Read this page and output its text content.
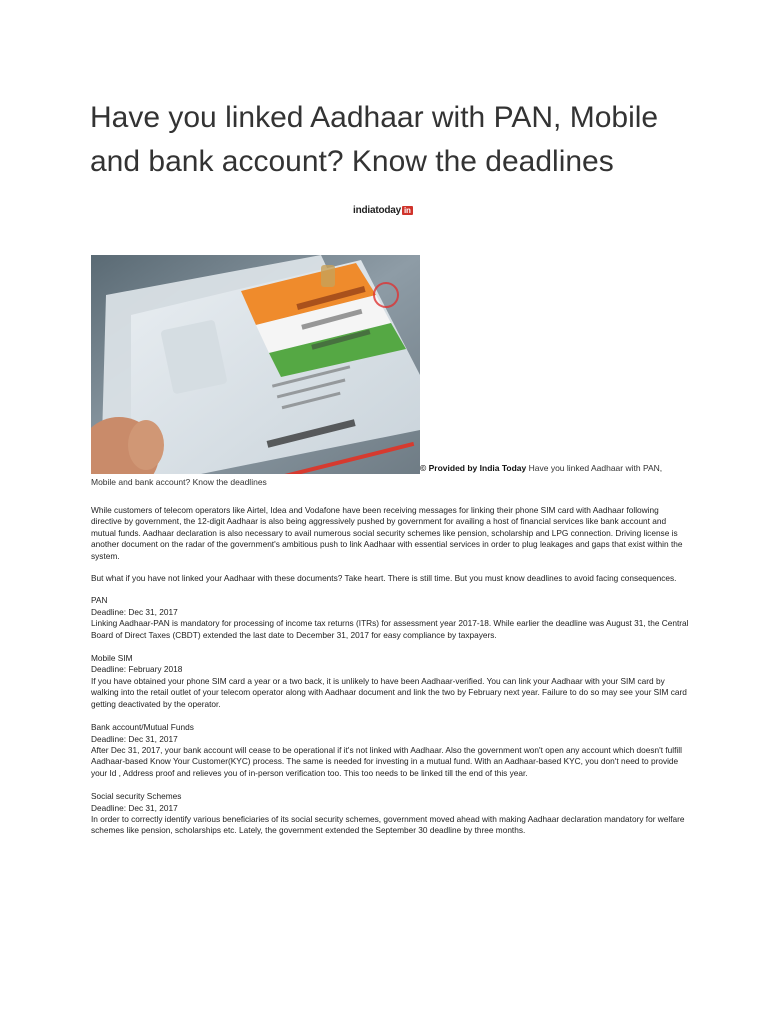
Have you linked Aadhaar with PAN, Mobile and bank account? Know the deadlines
indiatoday in
© Provided by India Today Have you linked Aadhaar with PAN,
Mobile and bank account? Know the deadlines

While customers of telecom operators like Airtel, Idea and Vodafone have been receiving messages for linking their phone SIM card with Aadhaar following directive by government, the 12-digit Aadhaar is also being aggressively pushed by government for availing a host of financial services like bank account and mutual funds. Aadhaar declaration is also necessary to avail numerous social security schemes like pension, scholarship and LPG connection. Driving license is another document on the radar of the government's ambitious push to link Aadhaar with essential services in order to plug leakages and gaps that exist within the system.

But what if you have not linked your Aadhaar with these documents? Take heart. There is still time. But you must know deadlines to avoid facing consequences.

PAN
Deadline: Dec 31, 2017
Linking Aadhaar-PAN is mandatory for processing of income tax returns (ITRs) for assessment year 2017-18. While earlier the deadline was August 31, the Central Board of Direct Taxes (CBDT) extended the last date to December 31, 2017 for easy compliance by taxpayers.
Mobile SIM
Deadline: February 2018
If you have obtained your phone SIM card a year or a two back, it is unlikely to have been Aadhaar-verified. You can link your Aadhaar with your SIM card by walking into the retail outlet of your telecom operator along with Aadhaar document and link the two by February next year. Failure to do so may see your SIM card getting deactivated by the operator.
Bank account/Mutual Funds
Deadline: Dec 31, 2017
After Dec 31, 2017, your bank account will cease to be operational if it's not linked with Aadhaar. Also the government won't open any account which doesn't fulfill Aadhaar-based Know Your Customer(KYC) process. The same is needed for investing in a mutual fund. With an Aadhaar-based KYC, you don't need to provide your Id , Address proof and relieves you of in-person verification too. This too needs to be linked till the end of this year.
Social security Schemes
Deadline: Dec 31, 2017
In order to correctly identify various beneficiaries of its social security schemes, government moved ahead with making Aadhaar declaration mandatory for welfare schemes like pension, scholarships etc. Lately, the government extended the September 30 deadline by three months.
